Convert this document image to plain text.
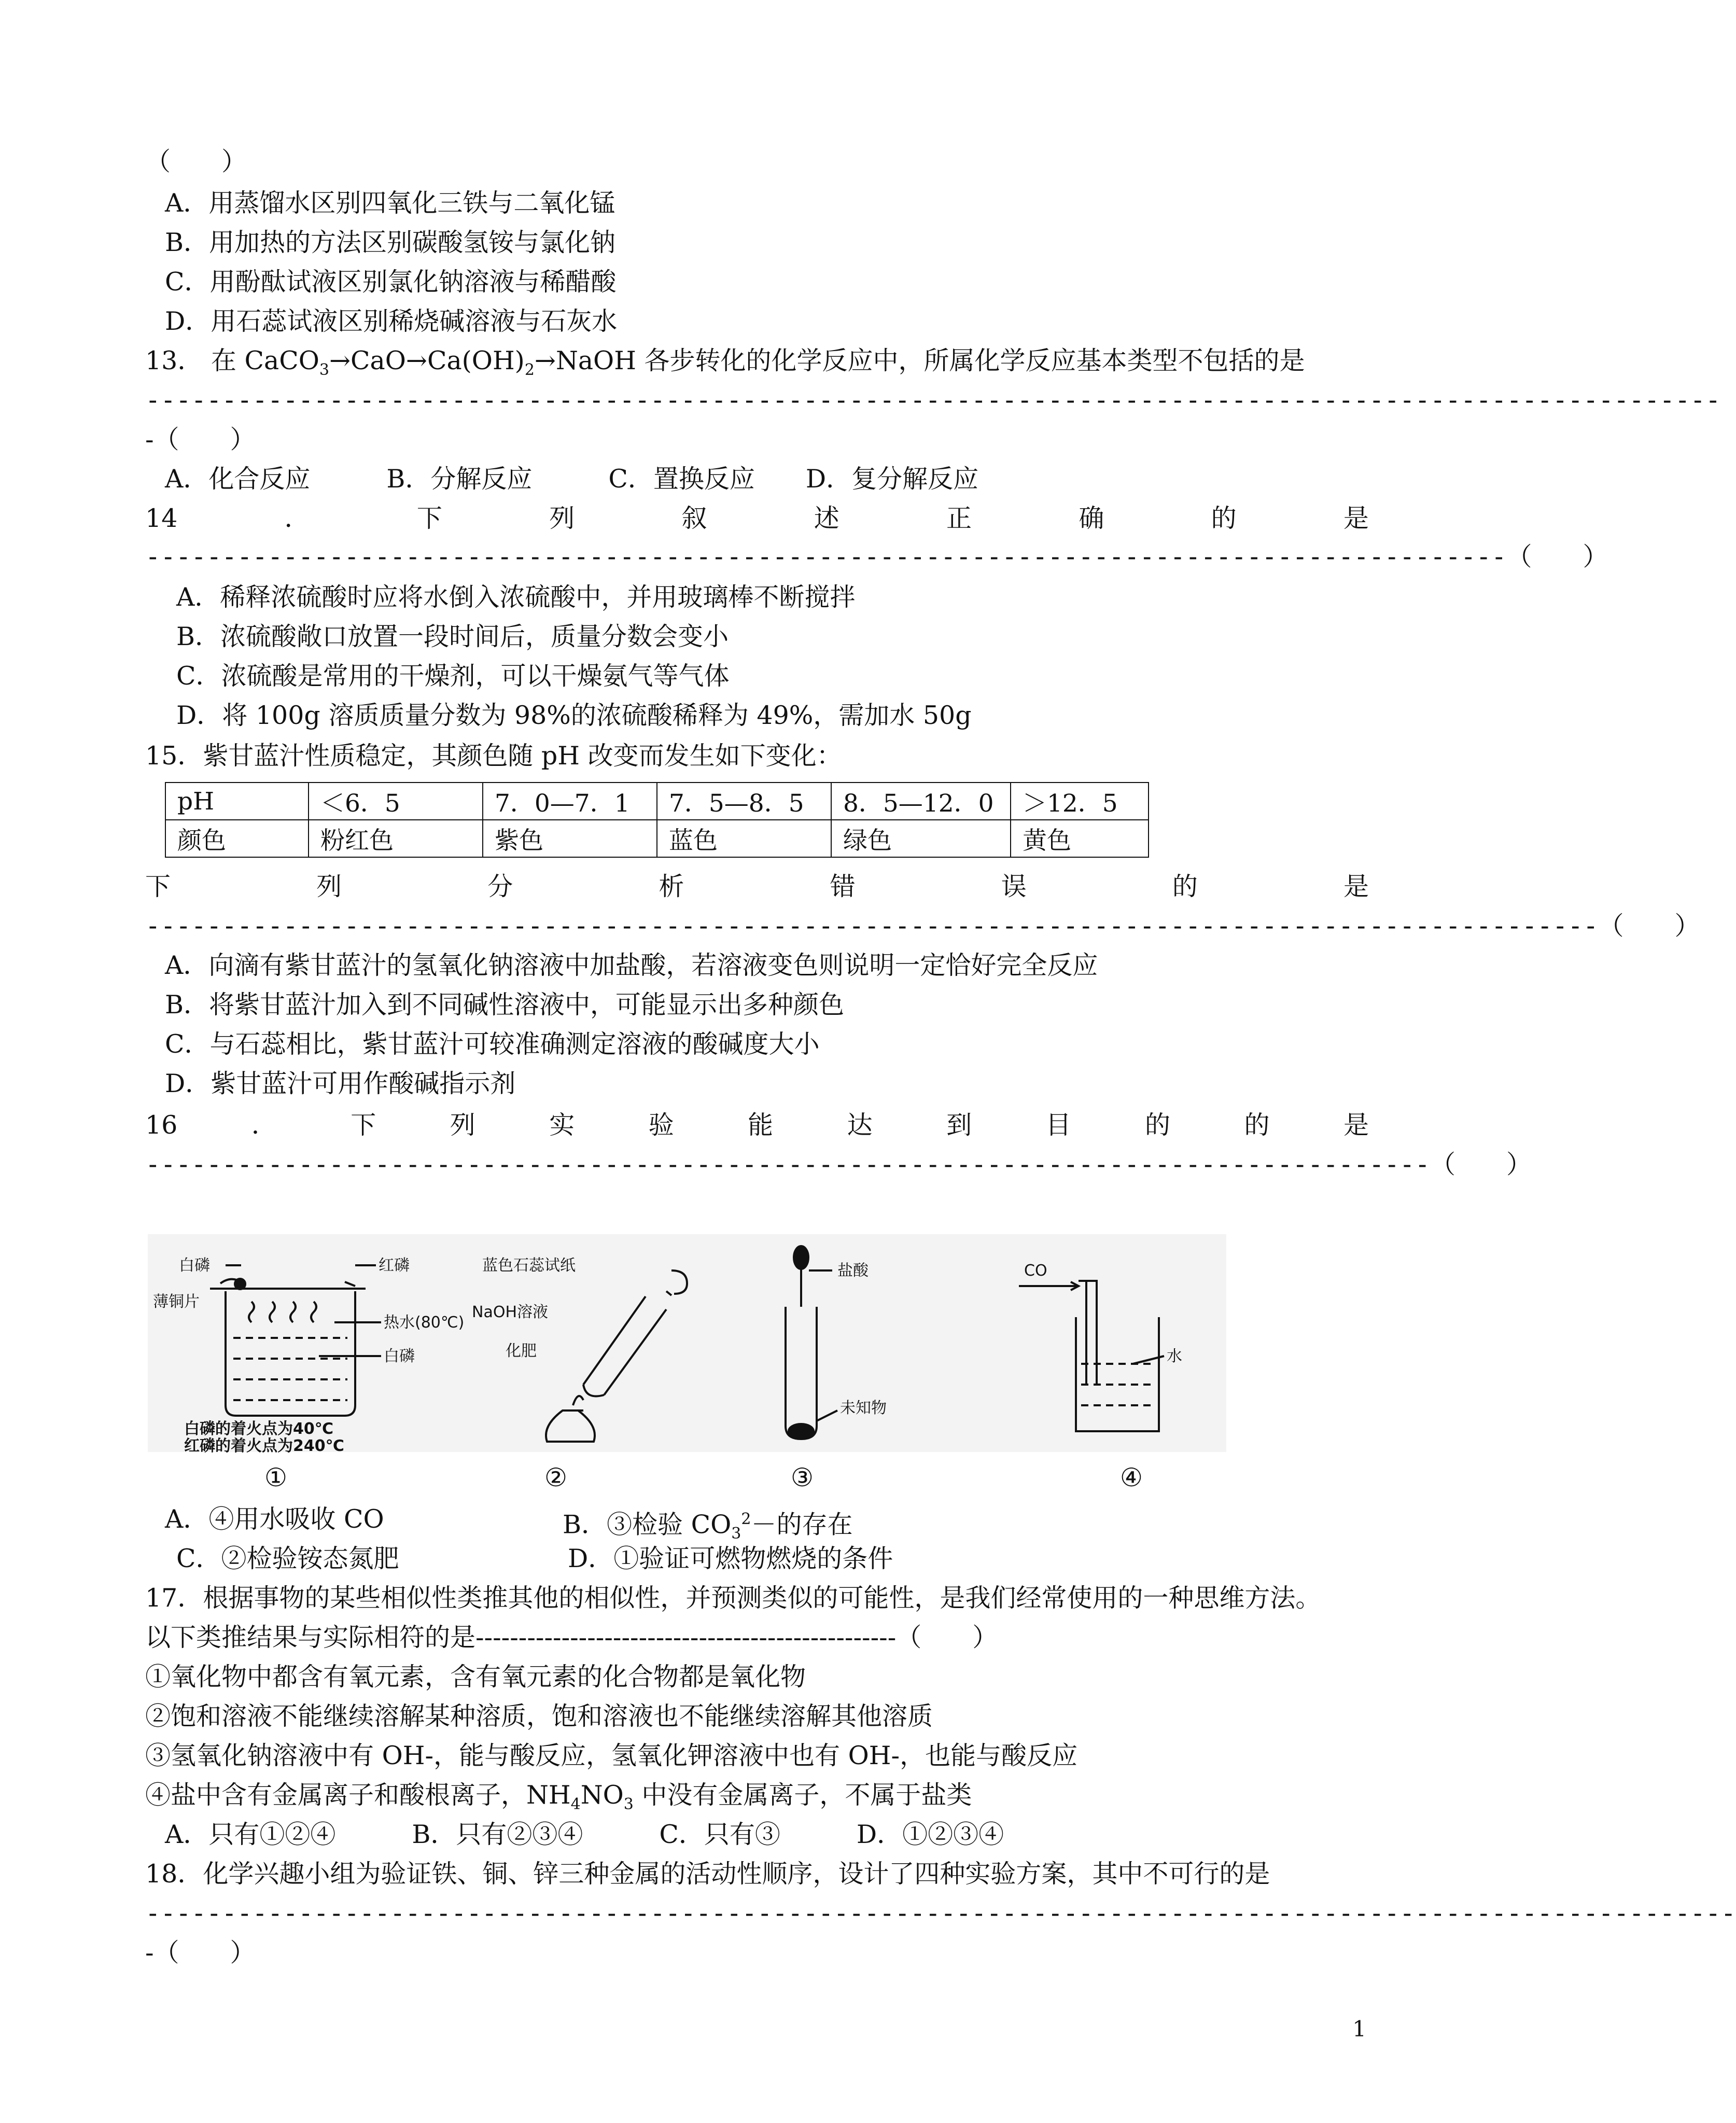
（　　）
A．用蒸馏水区别四氧化三铁与二氧化锰
B．用加热的方法区别碳酸氢铵与氯化钠
C．用酚酞试液区别氯化钠溶液与稀醋酸
D．用石蕊试液区别稀烧碱溶液与石灰水
13． 在 $CaCO_3\to CaO\to Ca(OH)_2\to NaOH$ 各步转化的化学反应中，所属化学反应基本类型不包括的是
-------------------------------------------------------------------------------------------------------
-（　　）
A．化合反应　　　B．分解反应　　　C．置换反应　　D．复分解反应
14	．	下	列	叙	述	正	确	的	是
-----------------------------------------------------------------------------------------（　　）
A．稀释浓硫酸时应将水倒入浓硫酸中，并用玻璃棒不断搅拌
B．浓硫酸敞口放置一段时间后，质量分数会变小
C．浓硫酸是常用的干燥剂，可以干燥氨气等气体
D．将 100g 溶质质量分数为 98%的浓硫酸稀释为 49%，需加水 50g
15．紫甘蓝汁性质稳定，其颜色随 pH 改变而发生如下变化：
pH	＜6．5	7．0—7．1	7．5—8．5	8．5—12．0	＞12．5
颜色	粉红色	紫色	蓝色	绿色	黄色
下	列	分	析	错	误	的	是
-----------------------------------------------------------------------------------------------（　　）
A．向滴有紫甘蓝汁的氢氧化钠溶液中加盐酸，若溶液变色则说明一定恰好完全反应
B．将紫甘蓝汁加入到不同碱性溶液中，可能显示出多种颜色
C．与石蕊相比，紫甘蓝汁可较准确测定溶液的酸碱度大小
D．紫甘蓝汁可用作酸碱指示剂
16	．	下	列	实	验	能	达	到	目	的	的	是
------------------------------------------------------------------------------------（　　）
白磷	红磷
薄铜片
热水(80℃)
白磷
白磷的着火点为40℃
红磷的着火点为240℃
蓝色石蕊试纸
NaOH溶液
化肥
盐酸
未知物
CO
水
①	②	③	④
A．④用水吸收 CO	B．③检验 $CO_3^2-$的存在
C．②检验铵态氮肥	D．①验证可燃物燃烧的条件
17．根据事物的某些相似性类推其他的相似性，并预测类似的可能性，是我们经常使用的一种思维方法。
以下类推结果与实际相符的是-------------------------------------------------（　　）
①氧化物中都含有氧元素，含有氧元素的化合物都是氧化物
②饱和溶液不能继续溶解某种溶质，饱和溶液也不能继续溶解其他溶质
③氢氧化钠溶液中有 OH-，能与酸反应，氢氧化钾溶液中也有 OH-，也能与酸反应
④盐中含有金属离子和酸根离子，$NH_4NO_3$ 中没有金属离子，不属于盐类
A．只有①②④　　　B．只有②③④　　　C．只有③　　　D．①②③④
18．化学兴趣小组为验证铁、铜、锌三种金属的活动性顺序，设计了四种实验方案，其中不可行的是
--------------------------------------------------------------------------------------------------------
-（　　）
1
